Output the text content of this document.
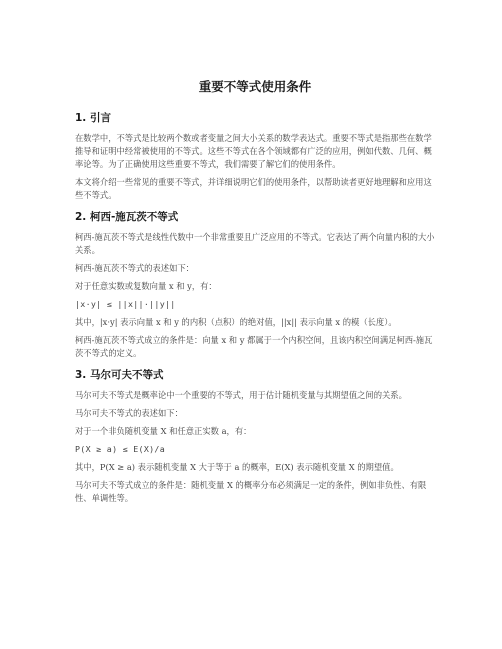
重要不等式使用条件
1. 引言

在数学中，不等式是比较两个数或者变量之间大小关系的数学表达式。重要不等式是指那些在数学推导和证明中经常被使用的不等式。这些不等式在各个领域都有广泛的应用，例如代数、几何、概率论等。为了正确使用这些重要不等式，我们需要了解它们的使用条件。

本文将介绍一些常见的重要不等式，并详细说明它们的使用条件，以帮助读者更好地理解和应用这些不等式。

2. 柯西-施瓦茨不等式

柯西-施瓦茨不等式是线性代数中一个非常重要且广泛应用的不等式。它表达了两个向量内积的大小关系。

柯西-施瓦茨不等式的表述如下：

对于任意实数或复数向量 x 和 y，有：

|x·y| ≤ ||x||·||y||

其中，|x·y| 表示向量 x 和 y 的内积（点积）的绝对值，||x|| 表示向量 x 的模（长度）。

柯西-施瓦茨不等式成立的条件是：向量 x 和 y 都属于一个内积空间，且该内积空间满足柯西-施瓦茨不等式的定义。

3. 马尔可夫不等式

马尔可夫不等式是概率论中一个重要的不等式，用于估计随机变量与其期望值之间的关系。

马尔可夫不等式的表述如下：

对于一个非负随机变量 X 和任意正实数 a，有：

P(X ≥ a) ≤ E(X)/a

其中，P(X ≥ a) 表示随机变量 X 大于等于 a 的概率，E(X) 表示随机变量 X 的期望值。

马尔可夫不等式成立的条件是：随机变量 X 的概率分布必须满足一定的条件，例如非负性、有限性、单调性等。
